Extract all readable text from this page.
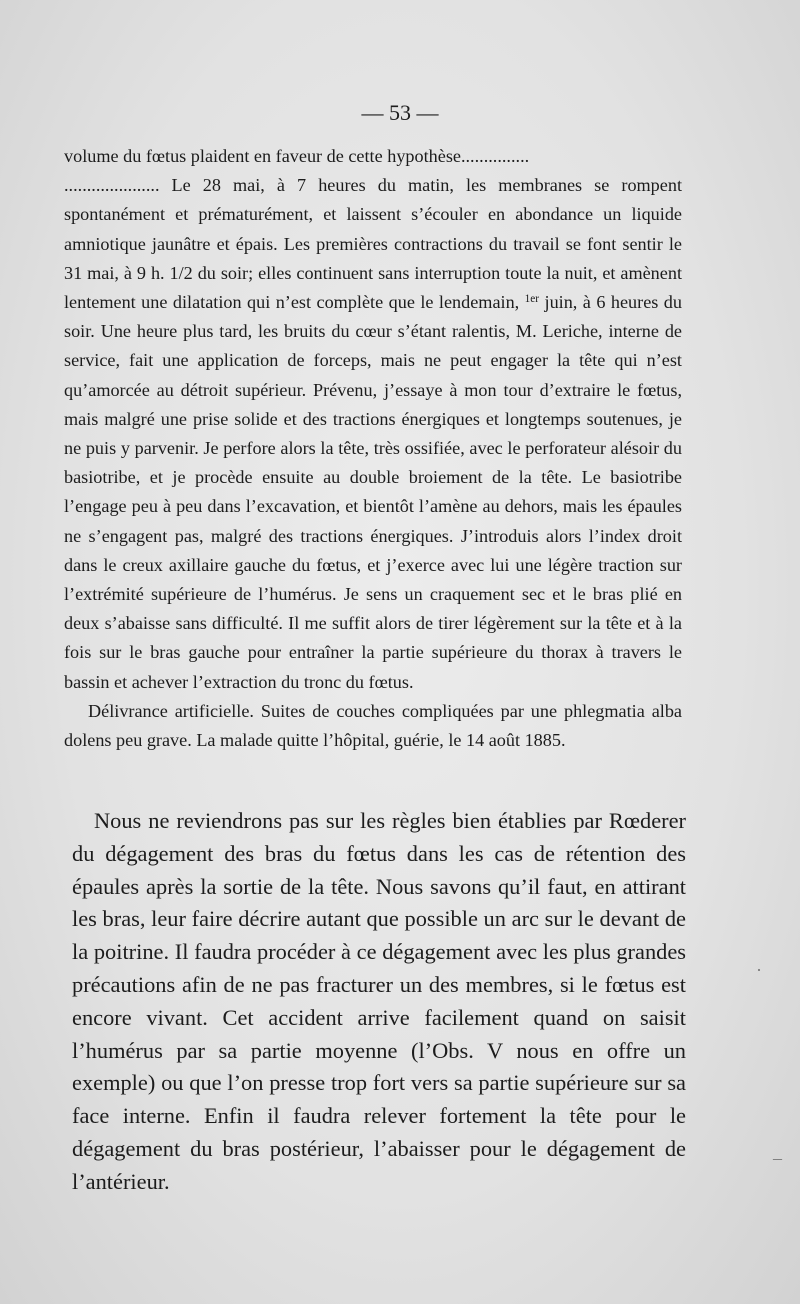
— 53 —

volume du fœtus plaident en faveur de cette hypothèse...............

..................... Le 28 mai, à 7 heures du matin, les membranes se rompent spontanément et prématurément, et laissent s’écouler en abondance un liquide amniotique jaunâtre et épais. Les premières contractions du travail se font sentir le 31 mai, à 9 h. 1/2 du soir; elles continuent sans interruption toute la nuit, et amènent lentement une dilatation qui n’est complète que le lendemain, $^{1er}$ juin, à 6 heures du soir. Une heure plus tard, les bruits du cœur s’étant ralentis, M. Leriche, interne de service, fait une application de forceps, mais ne peut engager la tête qui n’est qu’amorcée au détroit supérieur. Prévenu, j’essaye à mon tour d’extraire le fœtus, mais malgré une prise solide et des tractions énergiques et longtemps soutenues, je ne puis y parvenir. Je perfore alors la tête, très ossifiée, avec le perforateur alésoir du basiotribe, et je procède ensuite au double broiement de la tête. Le basiotribe l’engage peu à peu dans l’excavation, et bientôt l’amène au dehors, mais les épaules ne s’engagent pas, malgré des tractions énergiques. J’introduis alors l’index droit dans le creux axillaire gauche du fœtus, et j’exerce avec lui une légère traction sur l’extrémité supérieure de l’humérus. Je sens un craquement sec et le bras plié en deux s’abaisse sans difficulté. Il me suffit alors de tirer légèrement sur la tête et à la fois sur le bras gauche pour entraîner la partie supérieure du thorax à travers le bassin et achever l’extraction du tronc du fœtus.

Délivrance artificielle. Suites de couches compliquées par une phlegmatia alba dolens peu grave. La malade quitte l’hôpital, guérie, le 14 août 1885.

Nous ne reviendrons pas sur les règles bien établies par Rœderer du dégagement des bras du fœtus dans les cas de rétention des épaules après la sortie de la tête. Nous savons qu’il faut, en attirant les bras, leur faire décrire autant que possible un arc sur le devant de la poitrine. Il faudra procéder à ce dégagement avec les plus grandes précautions afin de ne pas fracturer un des membres, si le fœtus est encore vivant. Cet accident arrive facilement quand on saisit l’humérus par sa partie moyenne (l’Obs. V nous en offre un exemple) ou que l’on presse trop fort vers sa partie supérieure sur sa face interne. Enfin il faudra relever fortement la tête pour le dégagement du bras postérieur, l’abaisser pour le dégagement de l’antérieur.

·
–
